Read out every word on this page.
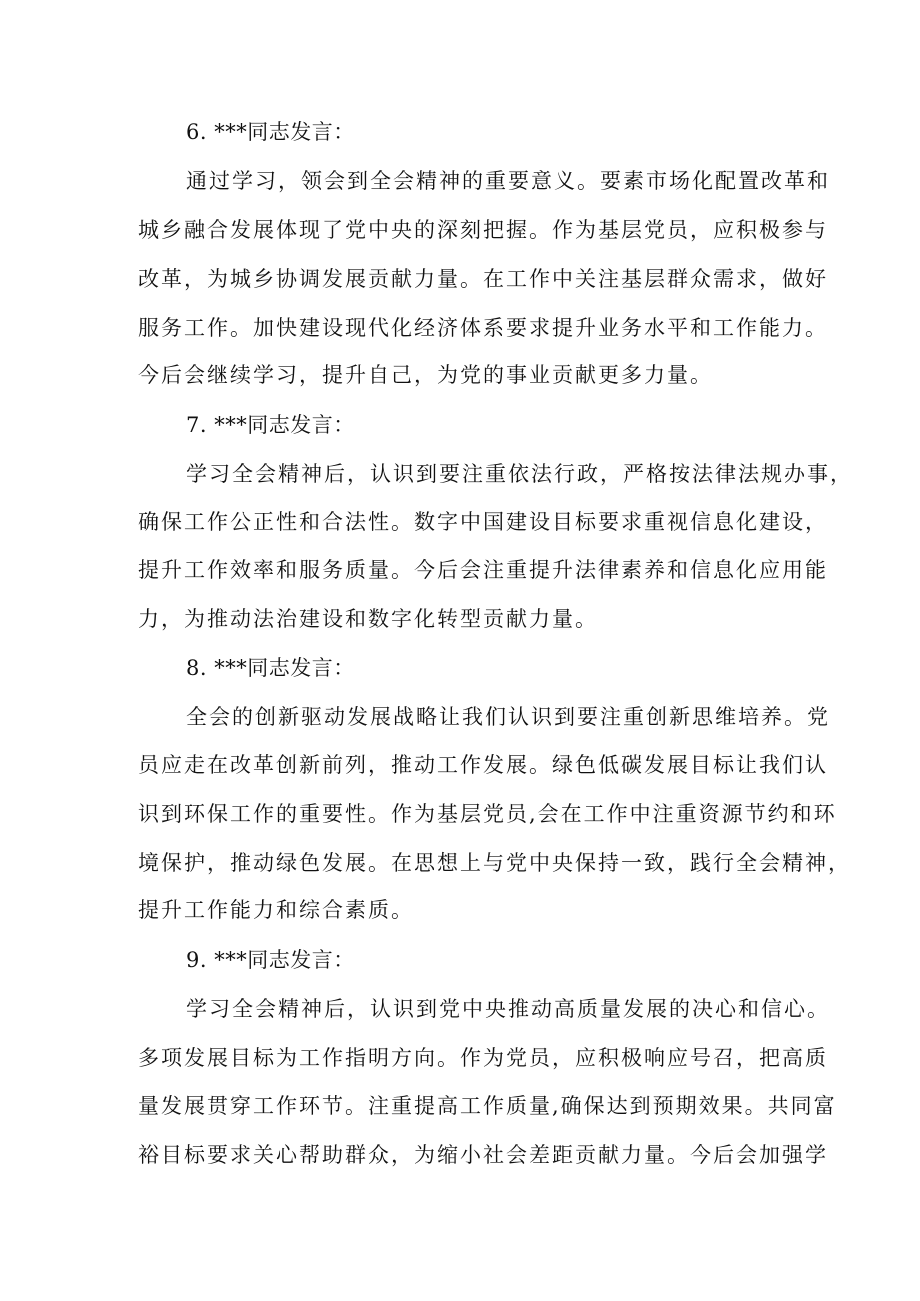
6. ***同志发言：
通过学习，领会到全会精神的重要意义。要素市场化配置改革和
城乡融合发展体现了党中央的深刻把握。作为基层党员，应积极参与
改革，为城乡协调发展贡献力量。在工作中关注基层群众需求，做好
服务工作。加快建设现代化经济体系要求提升业务水平和工作能力。
今后会继续学习，提升自己，为党的事业贡献更多力量。
7. ***同志发言：
学习全会精神后，认识到要注重依法行政，严格按法律法规办事，
确保工作公正性和合法性。数字中国建设目标要求重视信息化建设，
提升工作效率和服务质量。今后会注重提升法律素养和信息化应用能
力，为推动法治建设和数字化转型贡献力量。
8. ***同志发言：
全会的创新驱动发展战略让我们认识到要注重创新思维培养。党
员应走在改革创新前列，推动工作发展。绿色低碳发展目标让我们认
识到环保工作的重要性。作为基层党员,会在工作中注重资源节约和环
境保护，推动绿色发展。在思想上与党中央保持一致，践行全会精神，
提升工作能力和综合素质。
9. ***同志发言：
学习全会精神后，认识到党中央推动高质量发展的决心和信心。
多项发展目标为工作指明方向。作为党员，应积极响应号召，把高质
量发展贯穿工作环节。注重提高工作质量,确保达到预期效果。共同富
裕目标要求关心帮助群众，为缩小社会差距贡献力量。今后会加强学
